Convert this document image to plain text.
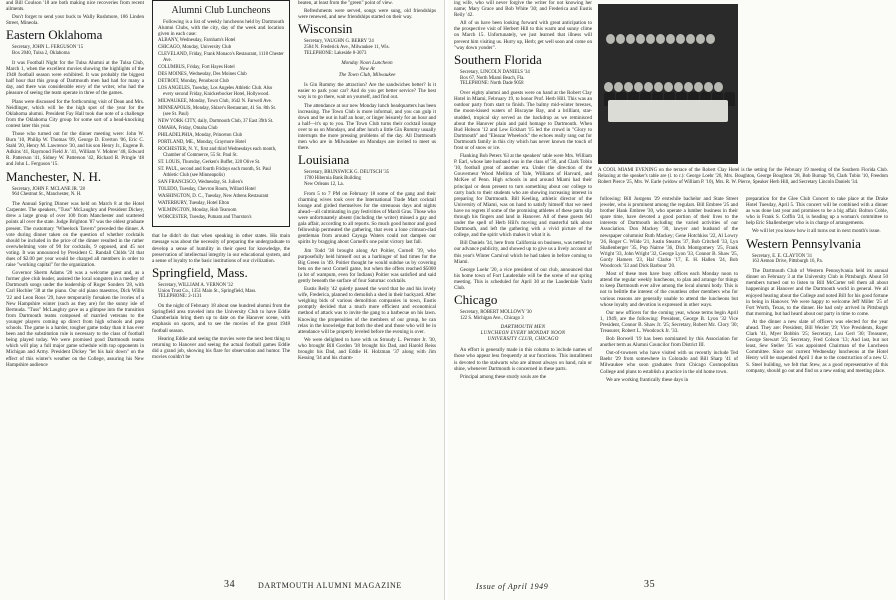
and Bill Coulson '18 are both making nice recoveries from recent ailments.

Don't forget to send your buck to Wally Rushmore, 186 Linden Street, Mineola.

Eastern Oklahoma

Secretary, JOHN L. FERGUSON '15

Box 2040, Tulsa 2, Oklahoma

It was Football Night for the Tulsa Alumni at the Tulsa Club, March 1, when the excellent movies showing the highlights of the 1948 football season were exhibited. It was probably the biggest half hour that this group of Dartmouth men had had for many a day, and there was considerable envy of the writer, who had the pleasure of seeing the team operate in three of the games.

Plans were discussed for the forthcoming visit of Dean and Mrs. Neidlinger, which will be the high spot of the year for the Oklahoma alumni. President Fay Hall took due note of a challenge from the Oklahoma City group for some sort of a head-knocking contest later this year.

Those who turned out for the dinner meeting were: John W. Burn '10, Phillip W. Thomas '09, George D. Everton '06, Eric C. Stahl '20, Henry M. Lawrence '30, and his son Henry Jr., Eugene B. Adkins '41, Raymond Field Jr. '41, William V. Mohrer '48, Edward R. Patterson '41, Sidney W. Patterson '42, Richard B. Pringle '48 and John L. Ferguson '15.

Manchester, N. H.

Secretary, JOHN F. MCLANE JR. '28

964 Chestnut St., Manchester, N. H.

The Annual Spring Dinner was held on March 8 at the Hotel Carpenter. The speakers, "Tuss" McLaughry and President Dickey, drew a large group of over 100 from Manchester and scattered points all over the state. Judge Brighton '87 was the oldest graduate present. The customary "Wheelock Tavern" preceded the dinner. A vote during dinner taken on the question of whether cocktails should be included in the price of the dinner resulted in the rather overwhelming vote of 90 for cocktails, 9 opposed, and 45 not voting. It was announced by President C. Randall Childs '24 that dues of $2.00 per year would be charged all members in order to raise "working capital" for the organization.

Governor Sherm Adams '20 was a welcome guest and, as a former glee club leader, assisted the local songsters in a medley of Dartmouth songs under the leadership of Roger Sonders '28, with Carl Hochler '38 at the piano. Our old piano maestros, Dick Willis '22 and Leon Roos '29, have temporarily forsaken the ivories of a New Hampshire winter (such as they are) for the sunny isle of Bermuda. "Tuss" McLaughry gave us a glimpse into the transition from Dartmouth teams composed of married veterans to the younger players coming up direct from high schools and prep schools. The game is a harder, tougher game today than it has ever been and the substitution rule is necessary to the class of football being played today. We were promised good Dartmouth teams which will play a full major game schedule with top opponents in Michigan and Army. President Dickey "let his hair down" on the effect of this winter's weather on the College, assuring his New Hampshire audience

Alumni Club Luncheons

Following is a list of weekly luncheons held by Dartmouth Alumni Clubs, with the city, day of the week and location given in each case:

ALBANY, Wednesday, Farnham's Hotel

CHICAGO, Monday, University Club

CLEVELAND, Friday, Frank Monaco's Restaurant, 1118 Chester Ave.

COLUMBUS, Friday, Fort Hayes Hotel

DES MOINES, Wednesday, Des Moines Club

DETROIT, Monday, Penobscot Club

LOS ANGELES, Tuesday, Los Angeles Athletic Club. Also every second Friday, Knickerbocker Hotel, Hollywood.

MILWAUKEE, Monday, Town Club, 1642 N. Farwell Ave.

MINNEAPOLIS, Monday, Shizer's Restaurant, 41 So. 8th St. (see St. Paul)

NEW YORK CITY, daily, Dartmouth Club, 37 East 39th St.

OMAHA, Friday, Omaha Club

PHILADELPHIA, Monday, Princeton Club

PORTLAND, ME., Monday, Graymore Hotel

ROCHESTER, N. Y., first and third Wednesdays each month, Chamber of Commerce, 55 St. Paul St.

ST. LOUIS, Thursday, Gerken's Buffet, 320 Olive St.

ST. PAUL, second and fourth Fridays each month, St. Paul Athletic Club (see Minneapolis)

SAN FRANCISCO, Wednesday, St. Julien's

TOLEDO, Tuesday, Chevron Room, Willard Hotel

WASHINGTON, D. C., Tuesday, New Athens Restaurant

WATERBURY, Tuesday, Hotel Elton

WILMINGTON, Monday, Hob Tearoom

WORCESTER, Tuesday, Putnam and Thurston's

that he didn't do that when speaking in other states. His main message was about the necessity of preparing the undergraduate to develop a sense of humility in their quest for knowledge, the preservation of intellectual integrity in our educational system, and a sense of loyalty to the basic institutions of our civilization.

Springfield, Mass.

Secretary, WILLIAM A. VERNON '32

Union Trust Co., 1351 Main St., Springfield, Mass.

TELEPHONE: 2-1131

On the night of February 18 about one hundred alumni from the Springfield area traveled into the University Club to have Eddie Chamberlain bring them up to date on the Hanover scene, with emphasis on sports, and to see the movies of the great 1948 football season.

Hearing Eddie and seeing the movies were the next best thing to returning to Hanover and seeing the actual football games Eddie did a grand job, showing his flare for observation and humor. The movies couldn't be

beaten, at least from the "green" point of view.

Refreshments were served, songs were sung, old friendships were renewed, and new friendships started on their way.

Wisconsin

Secretary, VAUGHN G. BERRY '24

2584 N. Frederick Ave., Milwaukee 11, Wis.

TELEPHONE: Lakeside 8-3073

Monday Noon Luncheon
Now At
The Town Club, Milwaukee

Is Gin Rummy the attraction? Are the sandwiches better? Is it easier to park your car? And do you get better service? The best way is to go there, wait on yourself, and find out.

The attendance at our new Monday lunch headquarters has been increasing. The Town Club is more informal, and you can gulp it down and be out in half an hour, or linger leisurely for an hour and a half—it's up to you. The Town Club turns their cocktail lounge over to us on Mondays, and after lunch a little Gin Rummy usually interrupts the more pressing problems of the day. All Dartmouth men who are in Milwaukee on Mondays are invited to meet us there.

Louisiana

Secretary, BRUNSWICK G. DEUTSCH '35

1700 Hibernia Bank Building

New Orleans 12, La.

From 5 to 7 PM on February 18 some of the gang and their charming wives took over the International Trade Mart cocktail lounge and girded themselves for the strenuous days and nights ahead—all culminating in gay festivities of Mardi Gras. Those who were unfortunately absent (including the writer) missed a gay and gala affair, according to all reports. So much good humor and good fellowship permeated the gathering, that even a lone crimson-clad gentleman from around Cayuga Waters could not dampen our spirits by bragging about Cornell's one point victory last fall.

Jim Todd '38 brought along Art Poitier, Cornell '39, who purposefully held himself out as a harbinger of bad times for the Big Green in '49. Poitier thought he would subdue us by covering bets on the next Cornell game, but when the offers reached $5000 (a lot of wampum, even for Indians) Poitier was satisfied and said gently beneath the surface of four Saturnac cocktails.

Eustis Reily '42 quietly passed the word that he and his lovely wife, Frederica, planned to demolish a shed in their backyard. After weighing bids of various demolition companies in town, Eustis promptly decided that a much more efficient and economical method of attack was to invite the gang to a barbecue on his lawn. Knowing the propensities of the members of our group, he can relax in the knowledge that both the shed and those who will be in attendance will be properly leveled before the evening is over.

We were delighted to have with us Stroudy L. Perrnter Jr. '30, who brought Bill Gordon '38 brought his Dad, and Harold Reiss brought his Dad, and Eddie H. Holzman '37 along with Jim Kessing '34 and his charm-

34	DARTMOUTH ALUMNI MAGAZINE

ing wife, who will never forgive the writer for not knowing her name; Mary Grace and Bob White '30; and Frederica and Eustis Reily '42.

All of us have been looking forward with great anticipation to the prospective visit of Herbert Hill to this warm and sunny clime on March 15. Unfortunately, we just learned that illness will prevent him visiting us. Hurry up, Herb; get well soon and come on "way down yonder".

Southern Florida

Secretary, LINCOLN DANIELS '34

Box 67, North Miami Beach, Fla.

TELEPHONE: North Dade 9058

Over eighty alumni and guests were on hand at the Robert Clay Hotel in Miami, February 19, to honor Prof. Herb Hill. This was an outdoor party from start to finish. The balmy mid-winter breezes, the moon-kissed waters of Biscayne Bay, and a brilliant, star-studded, tropical sky served as the backdrop as we reminisced about the Hanover plain and paid homage to Dartmouth. When Bud Hobson '12 and Lew Eckhart '15 led the crowd in "Glory to Dartmouth" and "Eleazar Wheelock" the echoes really rang out for Dartmouth family in this city which has never known the touch of frost or of snow or ice.

Flanking Bob Peters '63 at the speakers' table were Mrs. William P. Earl, whose late husband was in the class of '36, and Clark Tobin '10, football great of another era. Under the direction of the Gouverneur Wood Mellinn of Yale, Williams of Harvard, and McKee of Penn. High schools in and around Miami had their principal or dean present to turn something about our college to carry back to their students who are showing increasing interest in preparing for Dartmouth. Bill Keeling, athletic director of the University of Miami, was on hand to satisfy himself that we need have no regrets if some of the promising athletes of these parts slip through his fingers and land in Hanover. All of these guests fell under the spell of Herb Hill's moving and masterful talk about Dartmouth, and left the gathering with a vivid picture of the college, and the spirit which makes it what it is.

Bill Daniels '34, here from California on business, was netted by our advance publicity, and showed up to give us a lively account of this year's Winter Carnival which he had taken in before coming to Miami.

George Loehr '20, a vice president of our club, announced that his home town of Fort Lauderdale will be the scene of our spring meeting. This is scheduled for April 30 at the Lauderdale Yacht Club.

Chicago

Secretary, ROBERT MOLLOWY '30

122 S. Michigan Ave., Chicago 3

DARTMOUTH MEN
LUNCHEON EVERY MONDAY NOON
UNIVERSITY CLUB, CHICAGO

An effort is generally made in this column to include names of those who appear less frequently at our functions. This installment is devoted to the stalwarts who are almost always on hand, rain or shine, whenever Dartmouth is concerned in these parts.

Principal among these sturdy souls are the

following: Bill Justgens '29 erstwhile bachelor and State Street jeweler, who is prominent among the regulars. Bill Embree '25 and brother Hank Embree '30, who operate a lumber business in their spare time, have devoted a good portion of their lives to the interests of Dartmouth including the varied activities of our Association. Don Mackey '30, lawyer and husband of the newspaper columnist Ruth Mackey; Gene Hotchkiss '22, Al Lowry '26, Roger C. Wilde '21, Justin Stearns '37, Bob Critchell '33, Lyn Shallenberger '35, Pop Nairne '36, Dick Montgomery '25, Frank Wright '33, John Wright '32, George Lyon '33, Connor B. Shaw '25, Gordy Hamers '23, Hal Clarke '17, E. H. Hallen '24, Bob Woodcock '33 and Dick Barbour '20.

Most of these men have busy offices each Monday noon to attend the regular weekly luncheons, to plan and arrange for things to keep Dartmouth ever alive among the local alumni body. This is not to belittle the interest of the countless other members who for various reasons are generally unable to attend the luncheons but whose loyalty and devotion is expressed in other ways.

Our new officers for the coming year, whose terms begin April 1, 1949, are the following: President, George B. Lyon '32 Vice President, Connor B. Shaw Jr. '25; Secretary, Robert Mc. Clory '30; Treasurer, Robert L. Woodcock Jr. '33.

Bob Borwell '19 has been nominated by this Association for another term as Alumni Councilor from District III.

Out-of-towners who have visited with us recently include Ted Baehr '29 from somewhere in Colorado and Bill Sharp '41 of Milwaukee who soon graduates from Chicago Cosmopolitan College and plans to establish a practice in the old home town.

We are working frantically these days in

preparation for the Glee Club Concert to take place at the Drake Hotel Tuesday, April 5. This concert will be combined with a dinner as was done last year and promises to be a big affair. Bolton Coble, who is Frank S. Coffin '24, is heading up a woman's committee to help Eric Shallenberger who is in charge of arrangements.

We will let you know how it all turns out in next month's issue.

Western Pennsylvania

Secretary, E. E. CLAYTON '31

163 Aemon Drive, Pittsburgh 16, Pa.

The Dartmouth Club of Western Pennsylvania held its annual dinner on February 3 at the University Club in Pittsburgh. About 50 members turned out to listen to Bill McCarter tell them all about happenings at Hanover and the Dartmouth world in general. We all enjoyed hearing about the College and noted Bill for his good fortune in being in Hanover. We were happy to welcome Jeff Miller '25 of Fort Worth, Texas, to the dinner. He had only arrived in Pittsburgh that morning, but had heard about our party in time to come.

At the dinner a new slate of officers was elected for the year ahead. They are: President, Bill Wexler '29; Vice Presidents, Roger Clark '41, Myer Bobbin '25; Secretary, Lou Gerl '30; Treasurer, George Stewart '25; Secretary, Fred Colson '13; And last, but not least, Sew Steller '35 was appointed Chairman of the Luncheon Committee. Since our current Wednesday luncheons at the Hotel Henry will be suspended April 1 due to the construction of a new U. S. Steel building, we felt that Stew, as a good representative of this company, should go out and find us a new eating and meeting place.

A COOL MIAMI EVENING on the terrace of the Robert Clay Hotel is the setting for the February 19 meeting of the Southern Florida Club. Relaxing at the speaker's table are (l. to r.): George Loehr '20, Mrs. Boughton, George Boughton '28, Bob Burnap '94, Clark Tobin '10, Freedom Robert Pierce '25, Mrs. W. Earle (widow of William P. '10), Mrs. R. W. Pierce, Speaker Herb Hill, and Secretary Lincoln Daniels '34.
Issue of April 1949	35
